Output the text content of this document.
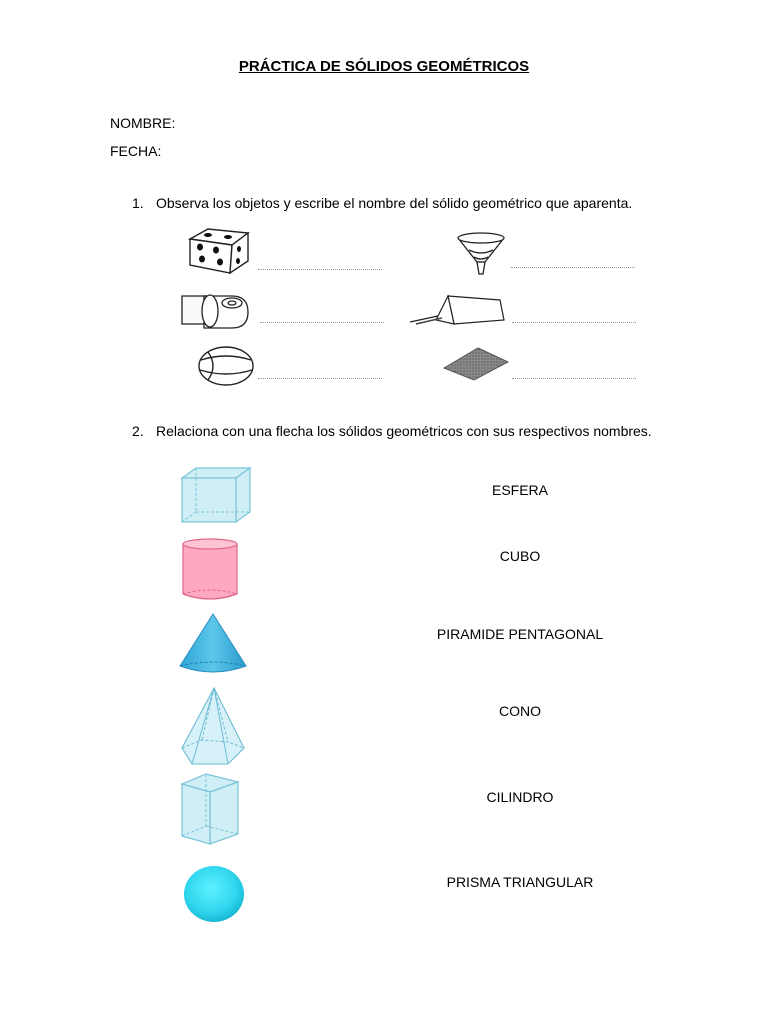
PRÁCTICA DE SÓLIDOS GEOMÉTRICOS
NOMBRE:
FECHA:
1. Observa los objetos y escribe el nombre del sólido geométrico que aparenta.
2. Relaciona con una flecha los sólidos geométricos con sus respectivos nombres.
ESFERA
CUBO
PIRAMIDE PENTAGONAL
CONO
CILINDRO
PRISMA TRIANGULAR
